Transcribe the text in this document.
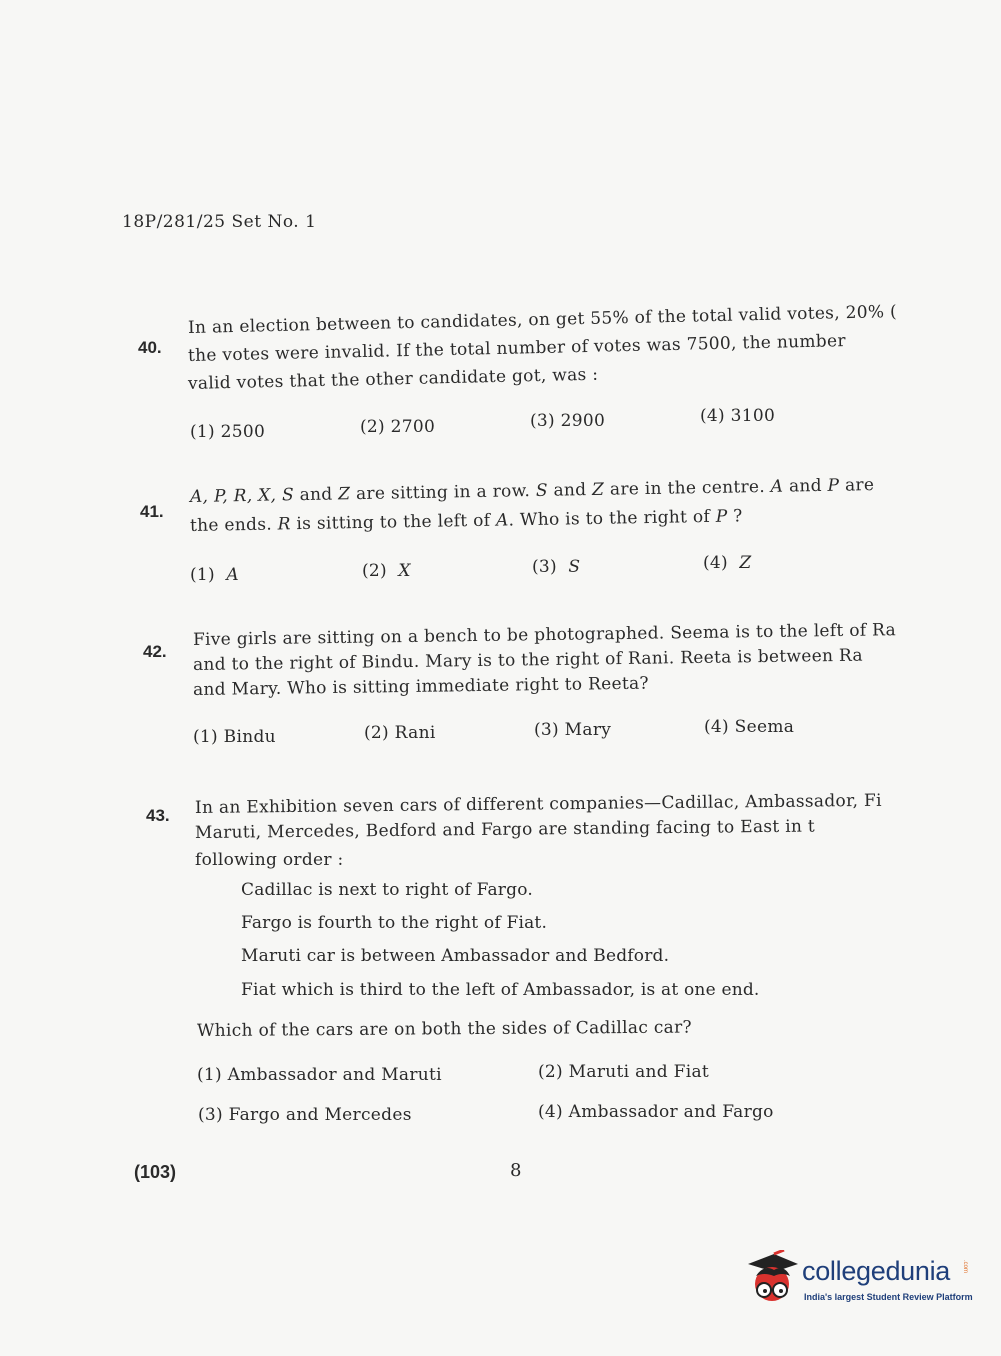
18P/281/25 Set No. 1
40.
In an election between to candidates, on get 55% of the total valid votes, 20% (
the votes were invalid. If the total number of votes was 7500, the number
valid votes that the other candidate got, was :
(1) 2500	(2) 2700	(3) 2900	(4) 3100
41.
A, P, R, X, S and Z are sitting in a row. S and Z are in the centre. A and P are
the ends. R is sitting to the left of A. Who is to the right of P ?
(1) A	(2) X	(3) S	(4) Z
42.
Five girls are sitting on a bench to be photographed. Seema is to the left of Ra
and to the right of Bindu. Mary is to the right of Rani. Reeta is between Ra
and Mary. Who is sitting immediate right to Reeta?
(1) Bindu	(2) Rani	(3) Mary	(4) Seema
43. In an Exhibition seven cars of different companies—Cadillac, Ambassador, Fi
Maruti, Mercedes, Bedford and Fargo are standing facing to East in t
following order :
Cadillac is next to right of Fargo.
Fargo is fourth to the right of Fiat.
Maruti car is between Ambassador and Bedford.
Fiat which is third to the left of Ambassador, is at one end.
Which of the cars are on both the sides of Cadillac car?
(1) Ambassador and Maruti	(2) Maruti and Fiat
(3) Fargo and Mercedes	(4) Ambassador and Fargo
(103)	8
collegedunia .com
India's largest Student Review Platform
